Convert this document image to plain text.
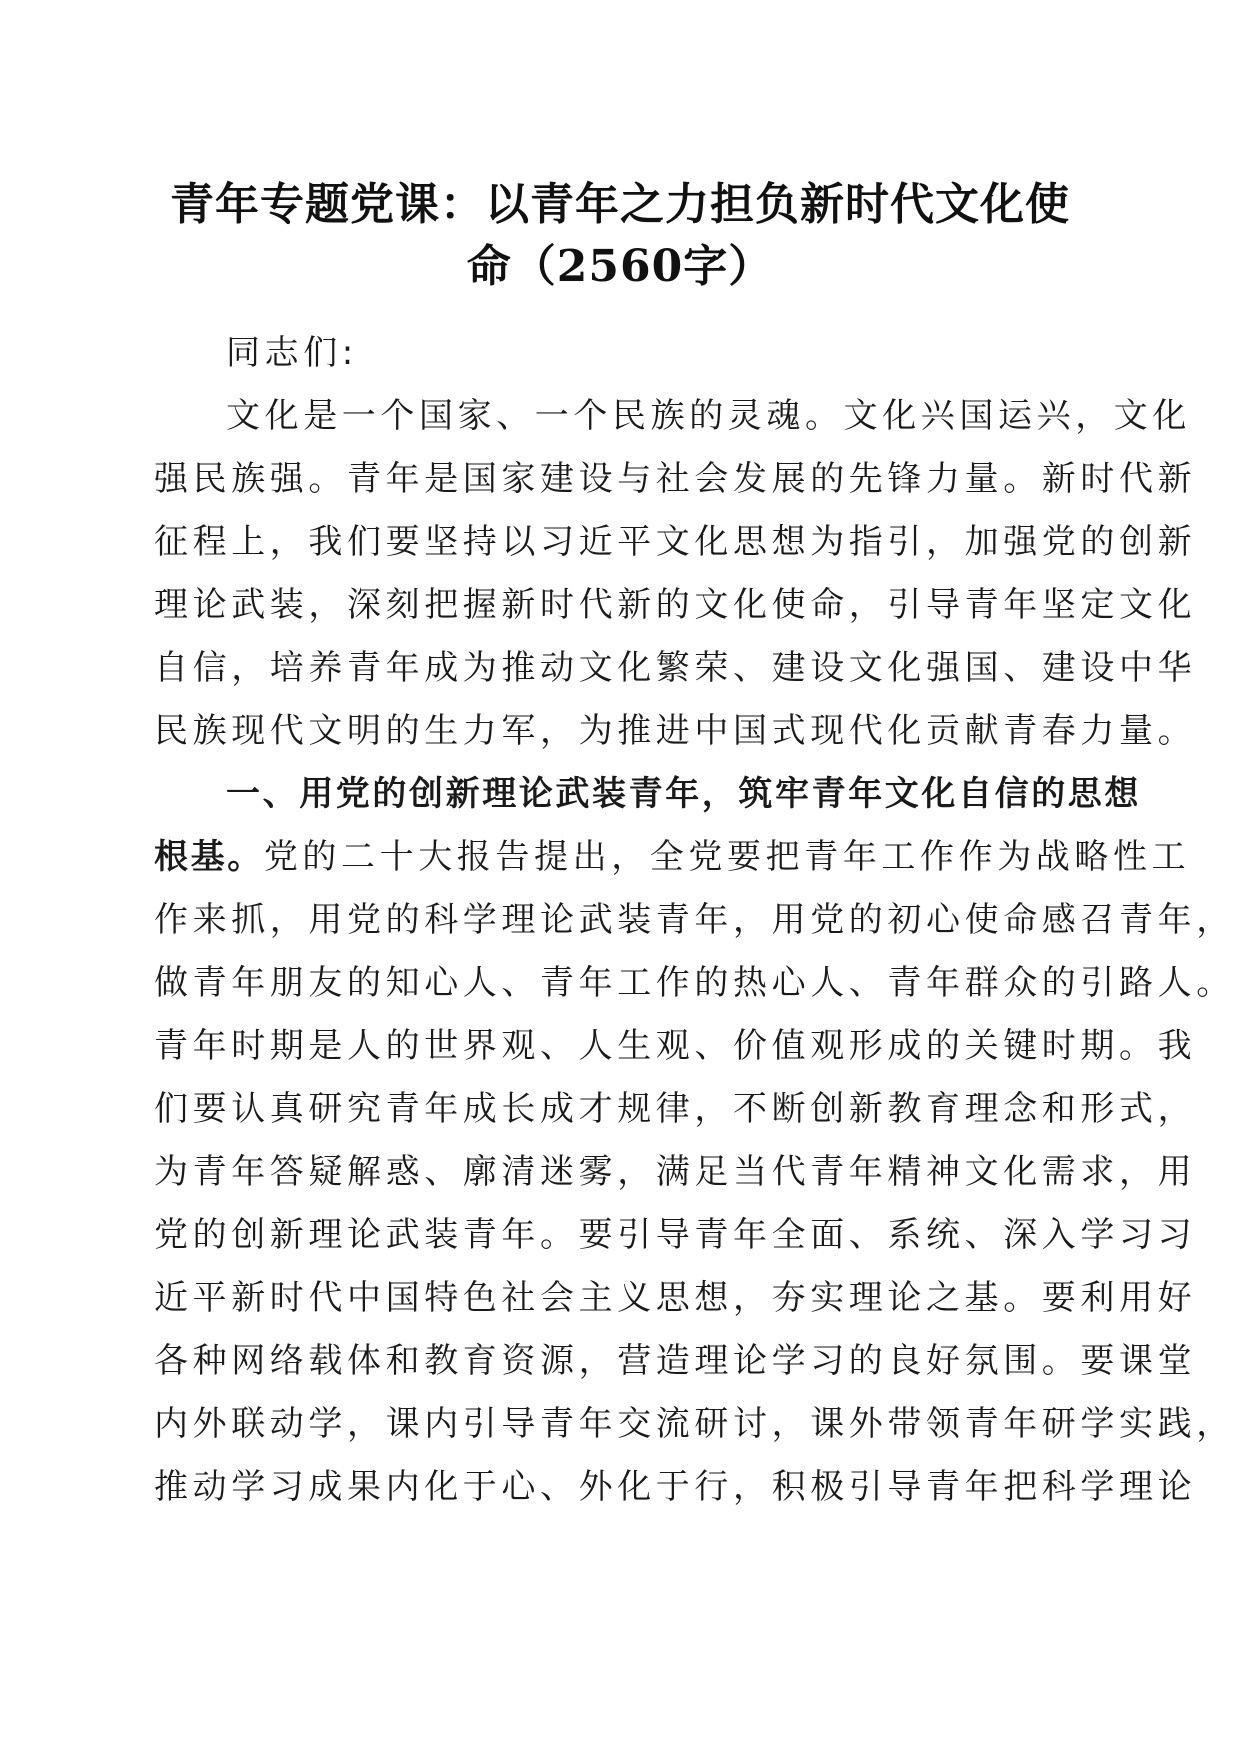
青年专题党课：以青年之力担负新时代文化使
命（2560字）
同志们:
文化是一个国家、一个民族的灵魂。文化兴国运兴，文化
强民族强。青年是国家建设与社会发展的先锋力量。新时代新
征程上，我们要坚持以习近平文化思想为指引，加强党的创新
理论武装，深刻把握新时代新的文化使命，引导青年坚定文化
自信，培养青年成为推动文化繁荣、建设文化强国、建设中华
民族现代文明的生力军，为推进中国式现代化贡献青春力量。
一、用党的创新理论武装青年，筑牢青年文化自信的思想
根基。党的二十大报告提出，全党要把青年工作作为战略性工
作来抓，用党的科学理论武装青年，用党的初心使命感召青年，
做青年朋友的知心人、青年工作的热心人、青年群众的引路人。
青年时期是人的世界观、人生观、价值观形成的关键时期。我
们要认真研究青年成长成才规律，不断创新教育理念和形式，
为青年答疑解惑、廓清迷雾，满足当代青年精神文化需求，用
党的创新理论武装青年。要引导青年全面、系统、深入学习习
近平新时代中国特色社会主义思想，夯实理论之基。要利用好
各种网络载体和教育资源，营造理论学习的良好氛围。要课堂
内外联动学，课内引导青年交流研讨，课外带领青年研学实践，
推动学习成果内化于心、外化于行，积极引导青年把科学理论
